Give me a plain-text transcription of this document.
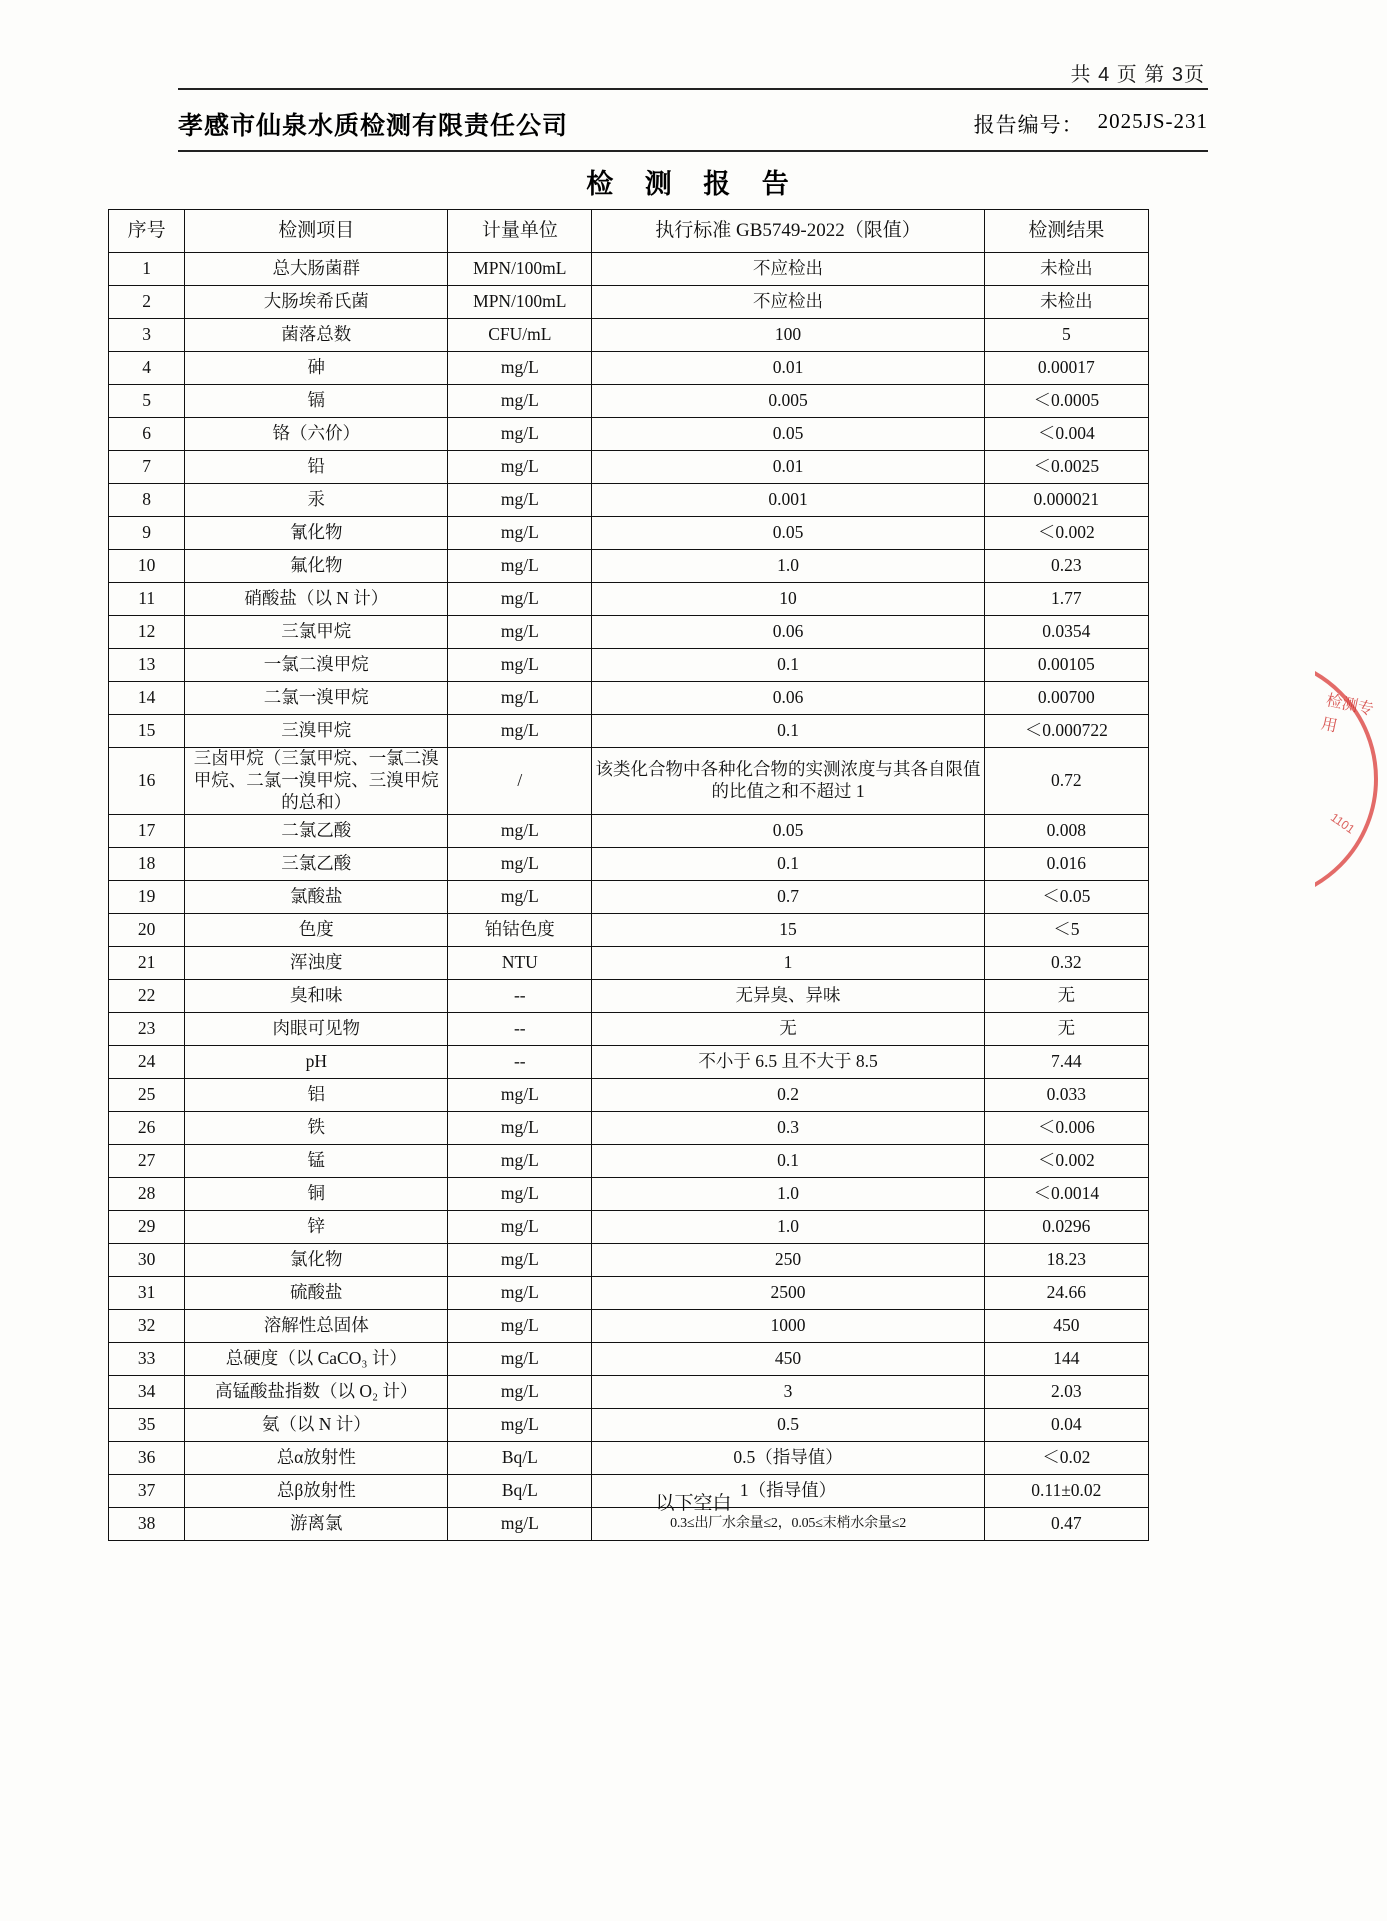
共 4 页 第 3页
孝感市仙泉水质检测有限责任公司	报告编号： 2025JS-231
检 测 报 告
序号	检测项目	计量单位	执行标准 GB5749-2022（限值）	检测结果
1	总大肠菌群	MPN/100mL	不应检出	未检出
2	大肠埃希氏菌	MPN/100mL	不应检出	未检出
3	菌落总数	CFU/mL	100	5
4	砷	mg/L	0.01	0.00017
5	镉	mg/L	0.005	＜0.0005
6	铬（六价）	mg/L	0.05	＜0.004
7	铅	mg/L	0.01	＜0.0025
8	汞	mg/L	0.001	0.000021
9	氰化物	mg/L	0.05	＜0.002
10	氟化物	mg/L	1.0	0.23
11	硝酸盐（以 N 计）	mg/L	10	1.77
12	三氯甲烷	mg/L	0.06	0.0354
13	一氯二溴甲烷	mg/L	0.1	0.00105
14	二氯一溴甲烷	mg/L	0.06	0.00700
15	三溴甲烷	mg/L	0.1	＜0.000722
16	三卤甲烷（三氯甲烷、一氯二溴甲烷、二氯一溴甲烷、三溴甲烷的总和）	/	该类化合物中各种化合物的实测浓度与其各自限值的比值之和不超过 1	0.72
17	二氯乙酸	mg/L	0.05	0.008
18	三氯乙酸	mg/L	0.1	0.016
19	氯酸盐	mg/L	0.7	＜0.05
20	色度	铂钴色度	15	＜5
21	浑浊度	NTU	1	0.32
22	臭和味	--	无异臭、异味	无
23	肉眼可见物	--	无	无
24	pH	--	不小于 6.5 且不大于 8.5	7.44
25	铝	mg/L	0.2	0.033
26	铁	mg/L	0.3	＜0.006
27	锰	mg/L	0.1	＜0.002
28	铜	mg/L	1.0	＜0.0014
29	锌	mg/L	1.0	0.0296
30	氯化物	mg/L	250	18.23
31	硫酸盐	mg/L	2500	24.66
32	溶解性总固体	mg/L	1000	450
33	总硬度（以 CaCO₃ 计）	mg/L	450	144
34	高锰酸盐指数（以 O₂ 计）	mg/L	3	2.03
35	氨（以 N 计）	mg/L	0.5	0.04
36	总α放射性	Bq/L	0.5（指导值）	＜0.02
37	总β放射性	Bq/L	1（指导值）	0.11±0.02
38	游离氯	mg/L	0.3≤出厂水余量≤2，0.05≤末梢水余量≤2	0.47
以下空白
检测专用
1101
